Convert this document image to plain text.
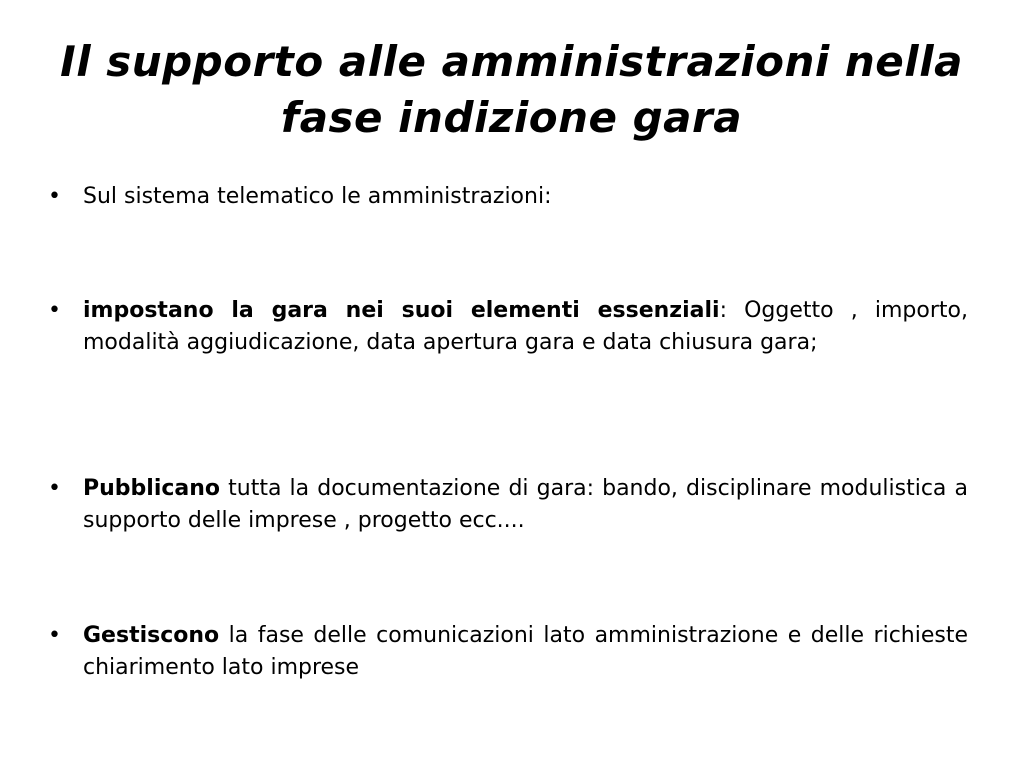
Il supporto alle amministrazioni nella fase indizione gara
•	Sul sistema telematico le amministrazioni:
•	impostano la gara nei suoi elementi essenziali: Oggetto , importo, modalità aggiudicazione, data apertura gara e data chiusura gara;
•	Pubblicano tutta la documentazione di gara: bando, disciplinare modulistica a supporto delle imprese , progetto ecc....
•	Gestiscono la fase delle comunicazioni lato amministrazione e delle richieste chiarimento lato imprese
